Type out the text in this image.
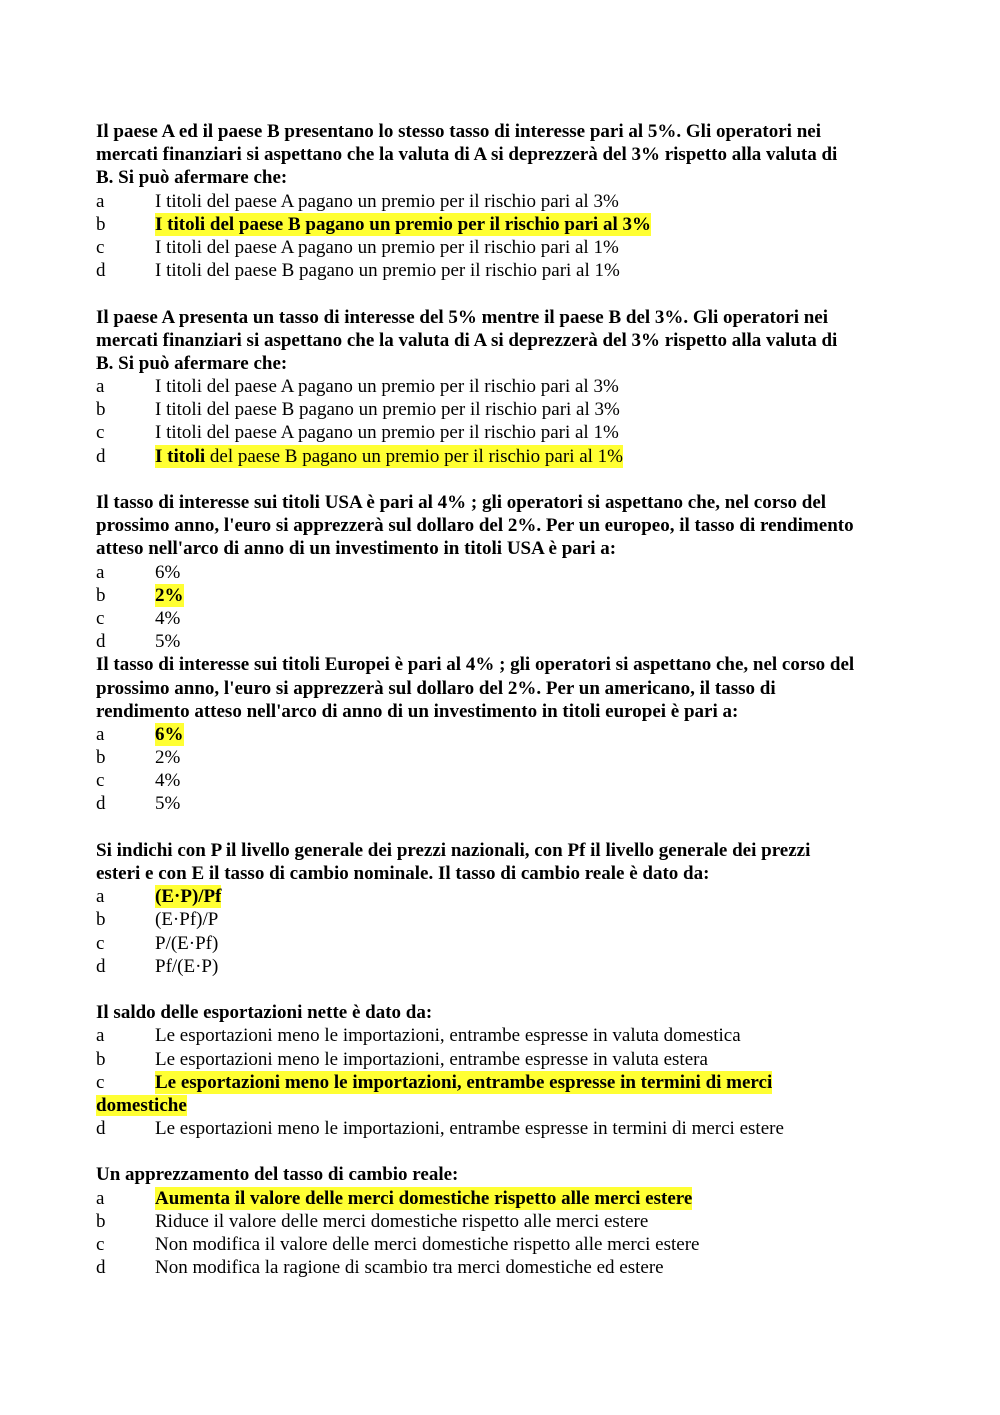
Il paese A ed il paese B presentano lo stesso tasso di interesse pari al 5%. Gli operatori nei
mercati finanziari si aspettano che la valuta di A si deprezzerà del 3% rispetto alla valuta di
B. Si può afermare che:
a	I titoli del paese A pagano un premio per il rischio pari al 3%
b	I titoli del paese B pagano un premio per il rischio pari al 3%
c	I titoli del paese A pagano un premio per il rischio pari al 1%
d	I titoli del paese B pagano un premio per il rischio pari al 1%
Il paese A presenta un tasso di interesse del 5% mentre il paese B del 3%. Gli operatori nei
mercati finanziari si aspettano che la valuta di A si deprezzerà del 3% rispetto alla valuta di
B. Si può afermare che:
a	I titoli del paese A pagano un premio per il rischio pari al 3%
b	I titoli del paese B pagano un premio per il rischio pari al 3%
c	I titoli del paese A pagano un premio per il rischio pari al 1%
d	I titoli del paese B pagano un premio per il rischio pari al 1%
Il tasso di interesse sui titoli USA è pari al 4% ; gli operatori si aspettano che, nel corso del
prossimo anno, l'euro si apprezzerà sul dollaro del 2%. Per un europeo, il tasso di rendimento
atteso nell'arco di anno di un investimento in titoli USA è pari a:
a	6%
b	2%
c	4%
d	5%
Il tasso di interesse sui titoli Europei è pari al 4% ; gli operatori si aspettano che, nel corso del
prossimo anno, l'euro si apprezzerà sul dollaro del 2%. Per un americano, il tasso di
rendimento atteso nell'arco di anno di un investimento in titoli europei è pari a:
a	6%
b	2%
c	4%
d	5%
Si indichi con P il livello generale dei prezzi nazionali, con Pf il livello generale dei prezzi
esteri e con E il tasso di cambio nominale. Il tasso di cambio reale è dato da:
a	(E·P)/Pf
b	(E·Pf)/P
c	P/(E·Pf)
d	Pf/(E·P)
Il saldo delle esportazioni nette è dato da:
a	Le esportazioni meno le importazioni, entrambe espresse in valuta domestica
b	Le esportazioni meno le importazioni, entrambe espresse in valuta estera
c	Le esportazioni meno le importazioni, entrambe espresse in termini di merci
domestiche
d	Le esportazioni meno le importazioni, entrambe espresse in termini di merci estere
Un apprezzamento del tasso di cambio reale:
a	Aumenta il valore delle merci domestiche rispetto alle merci estere
b	Riduce il valore delle merci domestiche rispetto alle merci estere
c	Non modifica il valore delle merci domestiche rispetto alle merci estere
d	Non modifica la ragione di scambio tra merci domestiche ed estere
